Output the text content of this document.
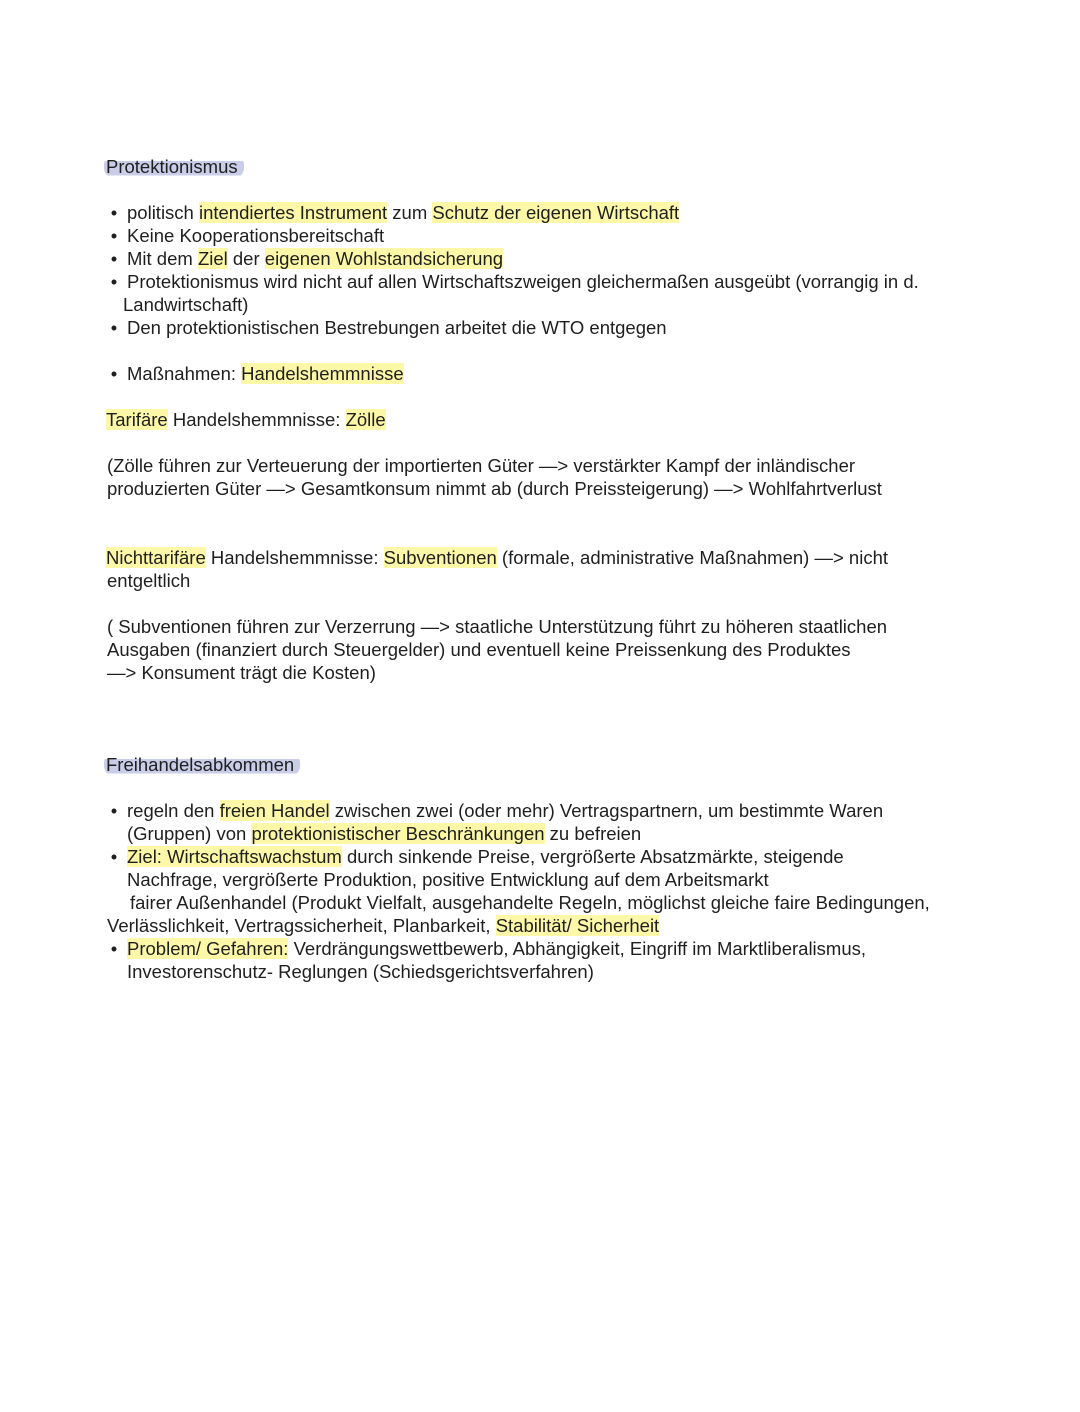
Protektionismus
• politisch intendiertes Instrument zum Schutz der eigenen Wirtschaft
• Keine Kooperationsbereitschaft
• Mit dem Ziel der eigenen Wohlstandsicherung
• Protektionismus wird nicht auf allen Wirtschaftszweigen gleichermaßen ausgeübt (vorrangig in d.
Landwirtschaft)
• Den protektionistischen Bestrebungen arbeitet die WTO entgegen
• Maßnahmen: Handelshemmnisse
Tarifäre Handelshemmnisse: Zölle
(Zölle führen zur Verteuerung der importierten Güter —> verstärkter Kampf der inländischer
produzierten Güter —> Gesamtkonsum nimmt ab (durch Preissteigerung) —> Wohlfahrtverlust
Nichttarifäre Handelshemmnisse: Subventionen (formale, administrative Maßnahmen) —> nicht
entgeltlich
( Subventionen führen zur Verzerrung —> staatliche Unterstützung führt zu höheren staatlichen
Ausgaben (finanziert durch Steuergelder) und eventuell keine Preissenkung des Produktes
—> Konsument trägt die Kosten)
Freihandelsabkommen
• regeln den freien Handel zwischen zwei (oder mehr) Vertragspartnern, um bestimmte Waren
(Gruppen) von protektionistischer Beschränkungen zu befreien
• Ziel: Wirtschaftswachstum durch sinkende Preise, vergrößerte Absatzmärkte, steigende
Nachfrage, vergrößerte Produktion, positive Entwicklung auf dem Arbeitsmarkt
fairer Außenhandel (Produkt Vielfalt, ausgehandelte Regeln, möglichst gleiche faire Bedingungen,
Verlässlichkeit, Vertragssicherheit, Planbarkeit, Stabilität/ Sicherheit
• Problem/ Gefahren: Verdrängungswettbewerb, Abhängigkeit, Eingriff im Marktliberalismus,
Investorenschutz- Reglungen (Schiedsgerichtsverfahren)
